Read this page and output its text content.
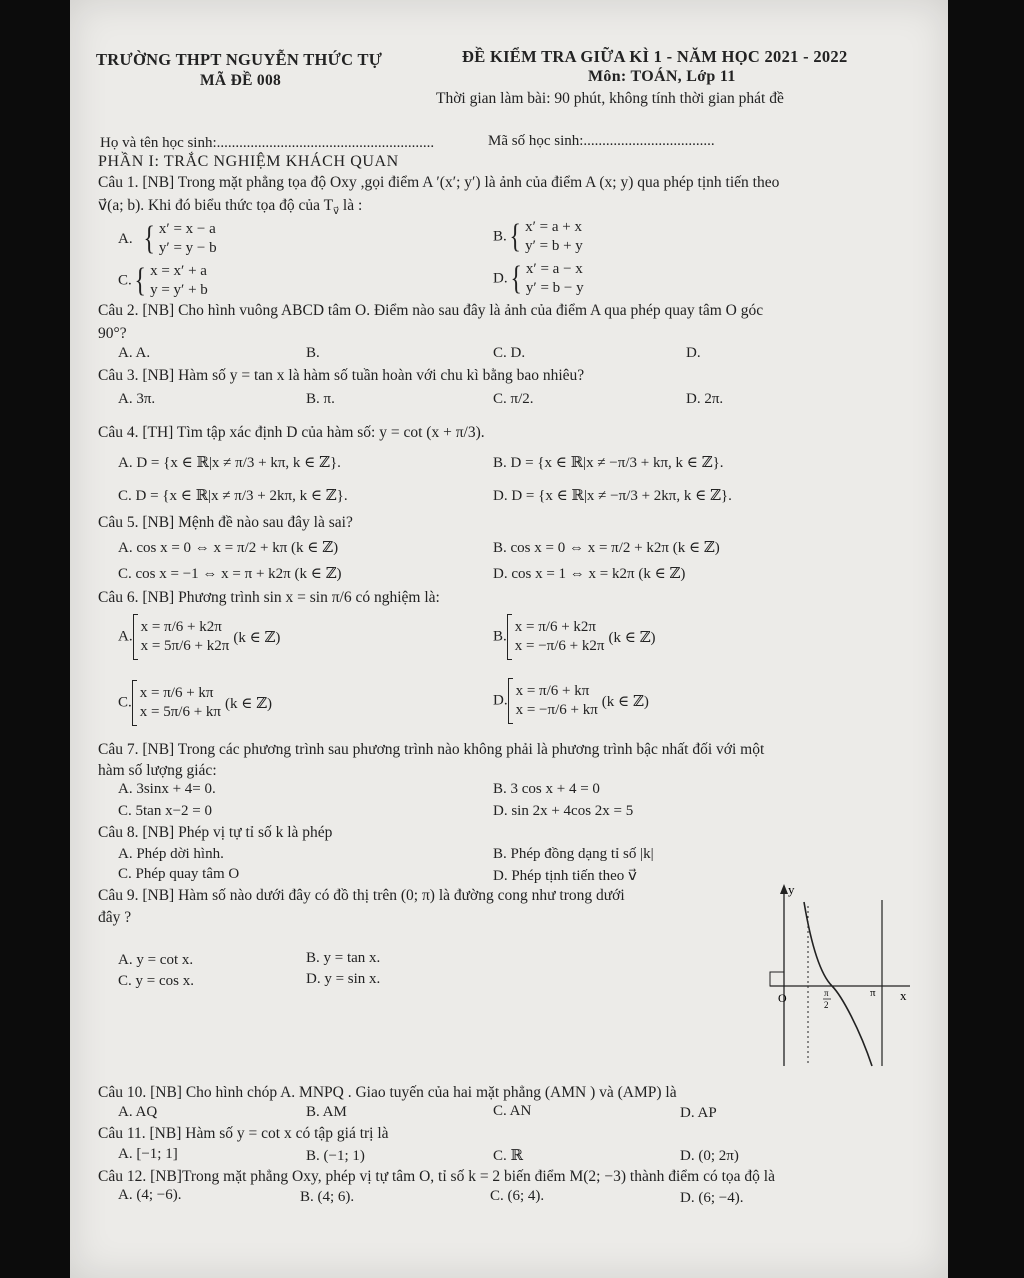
TRƯỜNG THPT NGUYỄN THỨC TỰ
MÃ ĐỀ 008
ĐỀ KIỂM TRA GIỮA KÌ 1 - NĂM HỌC 2021 - 2022
Môn: TOÁN, Lớp 11
Thời gian làm bài: 90 phút, không tính thời gian phát đề
Họ và tên học sinh:..........................................................	Mã số học sinh:...................................
PHẦN I: TRẮC NGHIỆM KHÁCH QUAN
Câu 1. [NB] Trong mặt phẳng tọa độ Oxy ,gọi điểm A ′(x′; y′) là ảnh của điểm A (x; y) qua phép tịnh tiến theo
v⃗(a; b). Khi đó biểu thức tọa độ của $T_{v⃗}$ là :
A. { x′ = x − a
y′ = y − b
B. { x′ = a + x
y′ = b + y
C. { x = x′ + a
y = y′ + b
D. { x′ = a − x
y′ = b − y
Câu 2. [NB] Cho hình vuông ABCD tâm O. Điểm nào sau đây là ảnh của điểm A qua phép quay tâm O góc
90°?
A. A.	B.	C. D.	D.
Câu 3. [NB] Hàm số y = tan x là hàm số tuần hoàn với chu kì bằng bao nhiêu?
A. 3π.	B. π.	C. π/2.	D. 2π.
Câu 4. [TH] Tìm tập xác định D của hàm số: y = cot (x + π/3).
A. D = {x ∈ ℝ|x ≠ π/3 + kπ, k ∈ ℤ}.	B. D = {x ∈ ℝ|x ≠ −π/3 + kπ, k ∈ ℤ}.
C. D = {x ∈ ℝ|x ≠ π/3 + 2kπ, k ∈ ℤ}.	D. D = {x ∈ ℝ|x ≠ −π/3 + 2kπ, k ∈ ℤ}.
Câu 5. [NB] Mệnh đề nào sau đây là sai?
A. cos x = 0 ⇔ x = π/2 + kπ (k ∈ ℤ)	B. cos x = 0 ⇔ x = π/2 + k2π (k ∈ ℤ)
C. cos x = −1 ⇔ x = π + k2π (k ∈ ℤ)	D. cos x = 1 ⇔ x = k2π (k ∈ ℤ)
Câu 6. [NB] Phương trình sin x = sin π/6 có nghiệm là:
A.
x = π/6 + k2π
x = 5π/6 + k2π
(k ∈ ℤ)	B.
x = π/6 + k2π
x = −π/6 + k2π
(k ∈ ℤ)
C.
x = π/6 + kπ
x = 5π/6 + kπ
(k ∈ ℤ)	D.
x = π/6 + kπ
x = −π/6 + kπ
(k ∈ ℤ)
Câu 7. [NB] Trong các phương trình sau phương trình nào không phải là phương trình bậc nhất đối với một
hàm số lượng giác:
A. 3sinx + 4= 0.	B. 3 cos x + 4 = 0
C. 5tan x−2 = 0	D. sin 2x + 4cos 2x = 5
Câu 8. [NB] Phép vị tự tỉ số k là phép
A. Phép dời hình.	B. Phép đồng dạng tỉ số |k|
C. Phép quay tâm O	D. Phép tịnh tiến theo v⃗
Câu 9. [NB] Hàm số nào dưới đây có đồ thị trên (0; π) là đường cong như trong dưới
đây ?
A. y = cot x.	B. y = tan x.
C. y = cos x.	D. y = sin x.
y
x
O	π
2
π
Câu 10. [NB] Cho hình chóp A. MNPQ . Giao tuyến của hai mặt phẳng (AMN ) và (AMP) là
A. AQ	B. AM	C. AN	D. AP
Câu 11. [NB] Hàm số y = cot x có tập giá trị là
A. [−1; 1]	B. (−1; 1)	C. ℝ	D. (0; 2π)
Câu 12. [NB]Trong mặt phẳng Oxy, phép vị tự tâm O, tỉ số k = 2 biến điểm M(2; −3) thành điểm có tọa độ là
A. (4; −6).	B. (4; 6).	C. (6; 4).	D. (6; −4).
